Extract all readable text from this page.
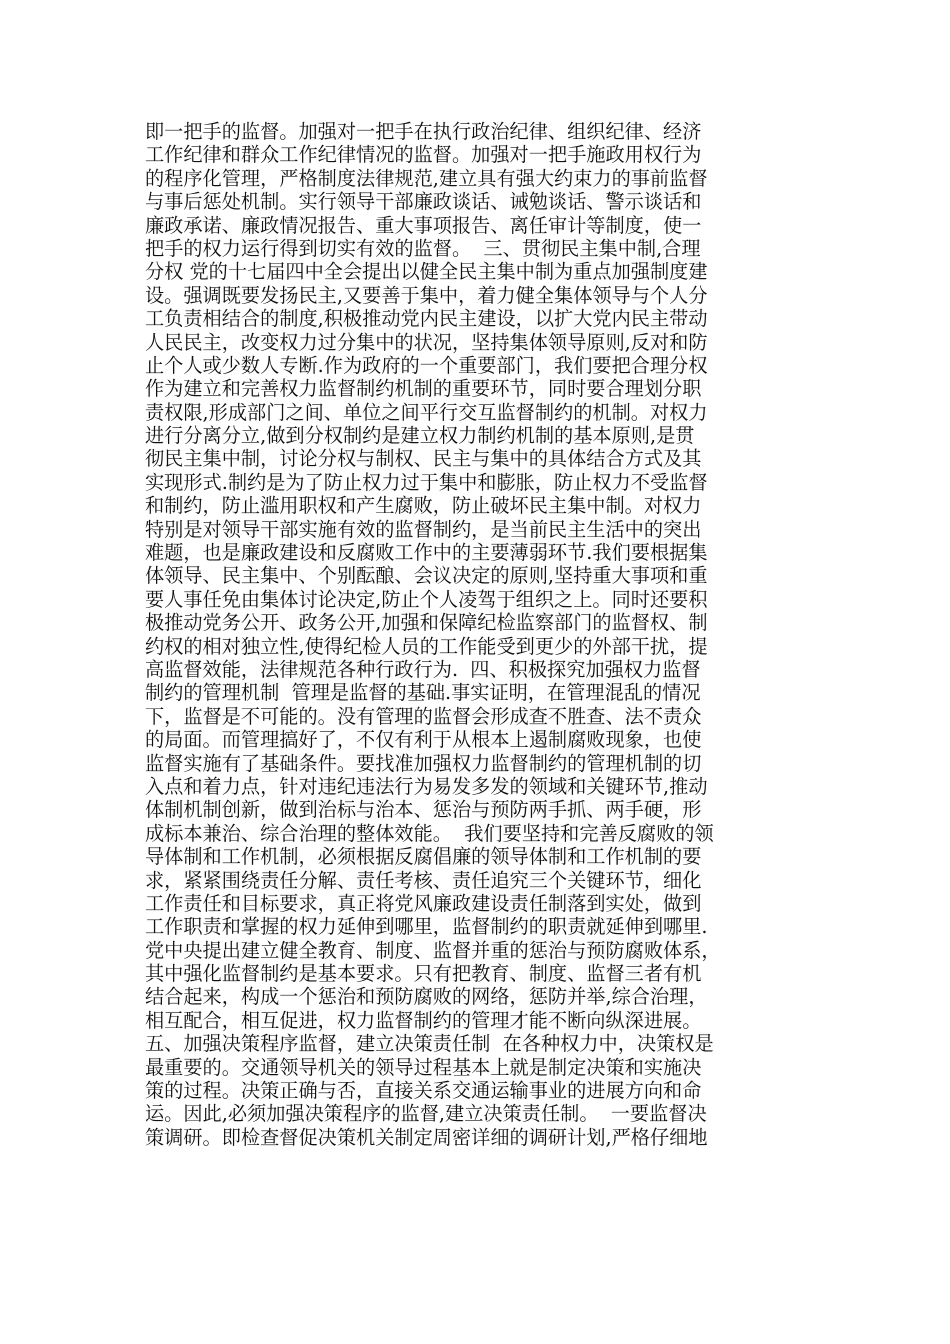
即一把手的监督。加强对一把手在执行政治纪律、组织纪律、经济
工作纪律和群众工作纪律情况的监督。加强对一把手施政用权行为
的程序化管理，严格制度法律规范,建立具有强大约束力的事前监督
与事后惩处机制。实行领导干部廉政谈话、诫勉谈话、警示谈话和
廉政承诺、廉政情况报告、重大事项报告、离任审计等制度，使一
把手的权力运行得到切实有效的监督。  三、贯彻民主集中制,合理
分权 党的十七届四中全会提出以健全民主集中制为重点加强制度建
设。强调既要发扬民主,又要善于集中，着力健全集体领导与个人分
工负责相结合的制度,积极推动党内民主建设，以扩大党内民主带动
人民民主，改变权力过分集中的状况，坚持集体领导原则,反对和防
止个人或少数人专断.作为政府的一个重要部门，我们要把合理分权
作为建立和完善权力监督制约机制的重要环节，同时要合理划分职
责权限,形成部门之间、单位之间平行交互监督制约的机制。对权力
进行分离分立,做到分权制约是建立权力制约机制的基本原则,是贯
彻民主集中制，讨论分权与制权、民主与集中的具体结合方式及其
实现形式.制约是为了防止权力过于集中和膨胀，防止权力不受监督
和制约，防止滥用职权和产生腐败，防止破坏民主集中制。对权力
特别是对领导干部实施有效的监督制约，是当前民主生活中的突出
难题，也是廉政建设和反腐败工作中的主要薄弱环节.我们要根据集
体领导、民主集中、个别酝酿、会议决定的原则,坚持重大事项和重
要人事任免由集体讨论决定,防止个人凌驾于组织之上。同时还要积
极推动党务公开、政务公开,加强和保障纪检监察部门的监督权、制
约权的相对独立性,使得纪检人员的工作能受到更少的外部干扰，提
高监督效能，法律规范各种行政行为.  四、积极探究加强权力监督
制约的管理机制  管理是监督的基础.事实证明，在管理混乱的情况
下，监督是不可能的。没有管理的监督会形成查不胜查、法不责众
的局面。而管理搞好了，不仅有利于从根本上遏制腐败现象，也使
监督实施有了基础条件。要找准加强权力监督制约的管理机制的切
入点和着力点，针对违纪违法行为易发多发的领域和关键环节,推动
体制机制创新，做到治标与治本、惩治与预防两手抓、两手硬，形
成标本兼治、综合治理的整体效能。  我们要坚持和完善反腐败的领
导体制和工作机制，必须根据反腐倡廉的领导体制和工作机制的要
求，紧紧围绕责任分解、责任考核、责任追究三个关键环节，细化
工作责任和目标要求，真正将党风廉政建设责任制落到实处，做到
工作职责和掌握的权力延伸到哪里，监督制约的职责就延伸到哪里.
党中央提出建立健全教育、制度、监督并重的惩治与预防腐败体系，
其中强化监督制约是基本要求。只有把教育、制度、监督三者有机
结合起来，构成一个惩治和预防腐败的网络，惩防并举,综合治理，
相互配合，相互促进，权力监督制约的管理才能不断向纵深进展。
五、加强决策程序监督，建立决策责任制  在各种权力中，决策权是
最重要的。交通领导机关的领导过程基本上就是制定决策和实施决
策的过程。决策正确与否，直接关系交通运输事业的进展方向和命
运。因此,必须加强决策程序的监督,建立决策责任制。  一要监督决
策调研。即检查督促决策机关制定周密详细的调研计划,严格仔细地
